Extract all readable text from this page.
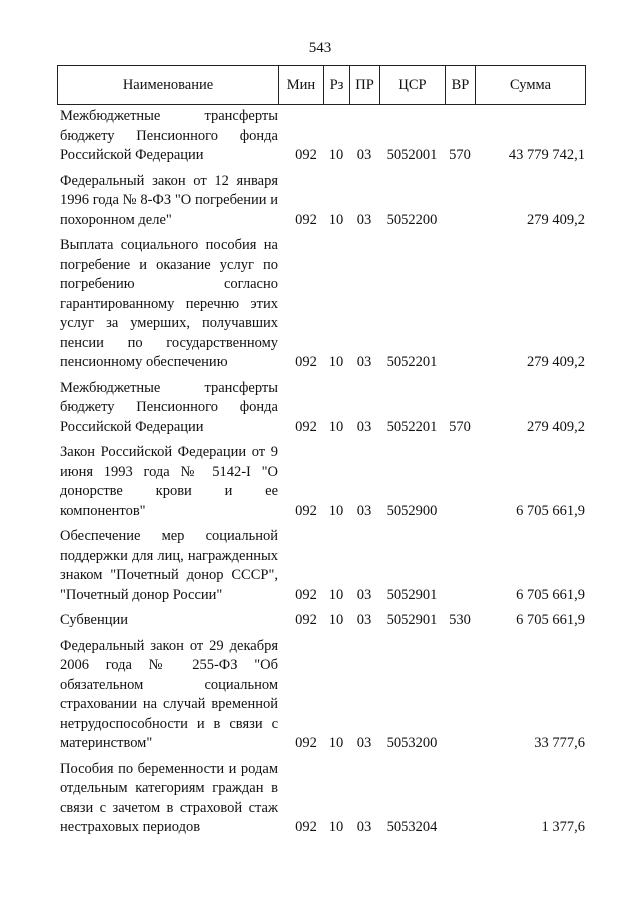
543
Наименование	Мин	Рз	ПР	ЦСР	ВР	Сумма
Межбюджетные трансферты бюджету Пенсионного фонда Российской Федерации	092 10 03	5052001 570	43 779 742,1
Федеральный закон от 12 января 1996 года № 8-ФЗ "О погребении и похоронном деле"	092 10 03	5052200	279 409,2
Выплата социального пособия на погребение и оказание услуг по погребению согласно гарантированному перечню этих услуг за умерших, получавших пенсии по государственному пенсионному обеспечению	092 10 03	5052201	279 409,2
Межбюджетные трансферты бюджету Пенсионного фонда Российской Федерации	092 10 03	5052201 570	279 409,2
Закон Российской Федерации от 9 июня 1993 года № 5142-I "О донорстве крови и ее компонентов"	092 10 03	5052900	6 705 661,9
Обеспечение мер социальной поддержки для лиц, награжденных знаком "Почетный донор СССР", "Почетный донор России"	092 10 03	5052901	6 705 661,9
Субвенции	092 10 03	5052901 530	6 705 661,9
Федеральный закон от 29 декабря 2006 года № 255-ФЗ "Об обязательном социальном страховании на случай временной нетрудоспособности и в связи с материнством"	092 10 03	5053200	33 777,6
Пособия по беременности и родам отдельным категориям граждан в связи с зачетом в страховой стаж нестраховых периодов	092 10 03	5053204	1 377,6
